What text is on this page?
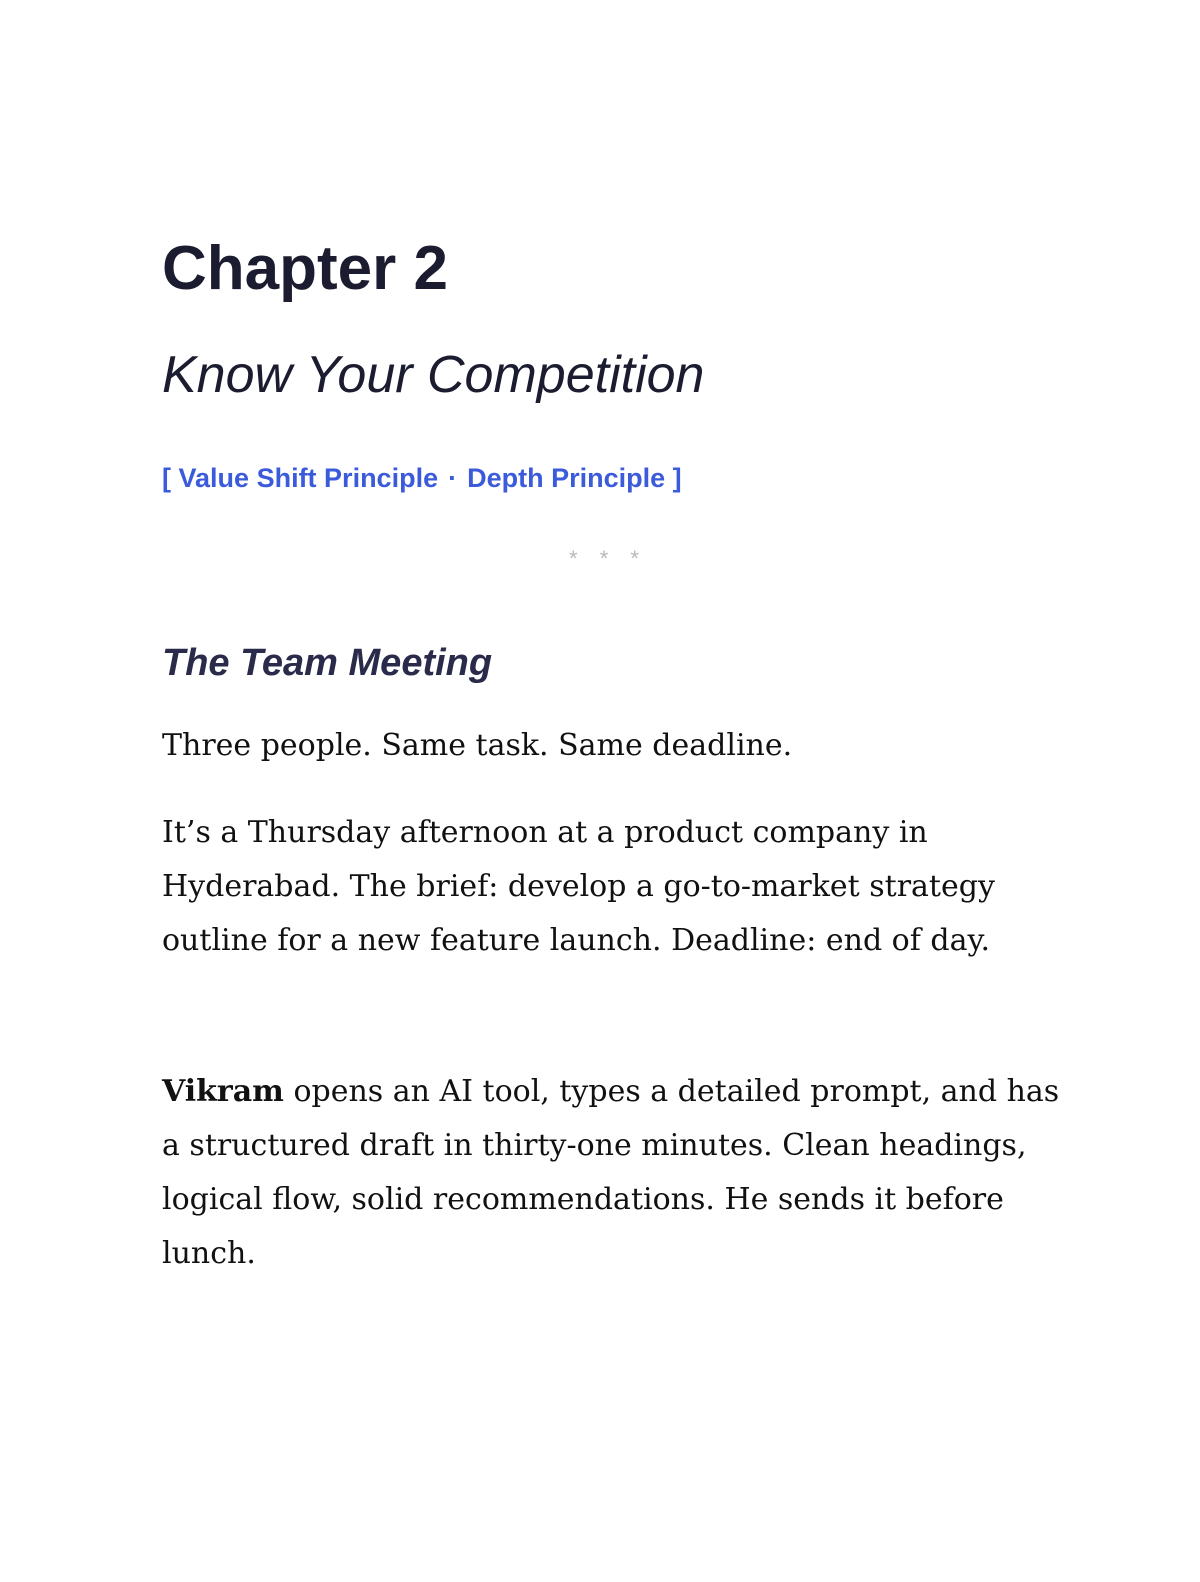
Chapter 2
Know Your Competition

[ Value Shift Principle · Depth Principle ]

* * *
The Team Meeting

Three people. Same task. Same deadline.

It’s a Thursday afternoon at a product company in Hyderabad. The brief: develop a go-to-market strategy outline for a new feature launch. Deadline: end of day.

Vikram opens an AI tool, types a detailed prompt, and has a structured draft in thirty-one minutes. Clean headings, logical flow, solid recommendations. He sends it before lunch.
